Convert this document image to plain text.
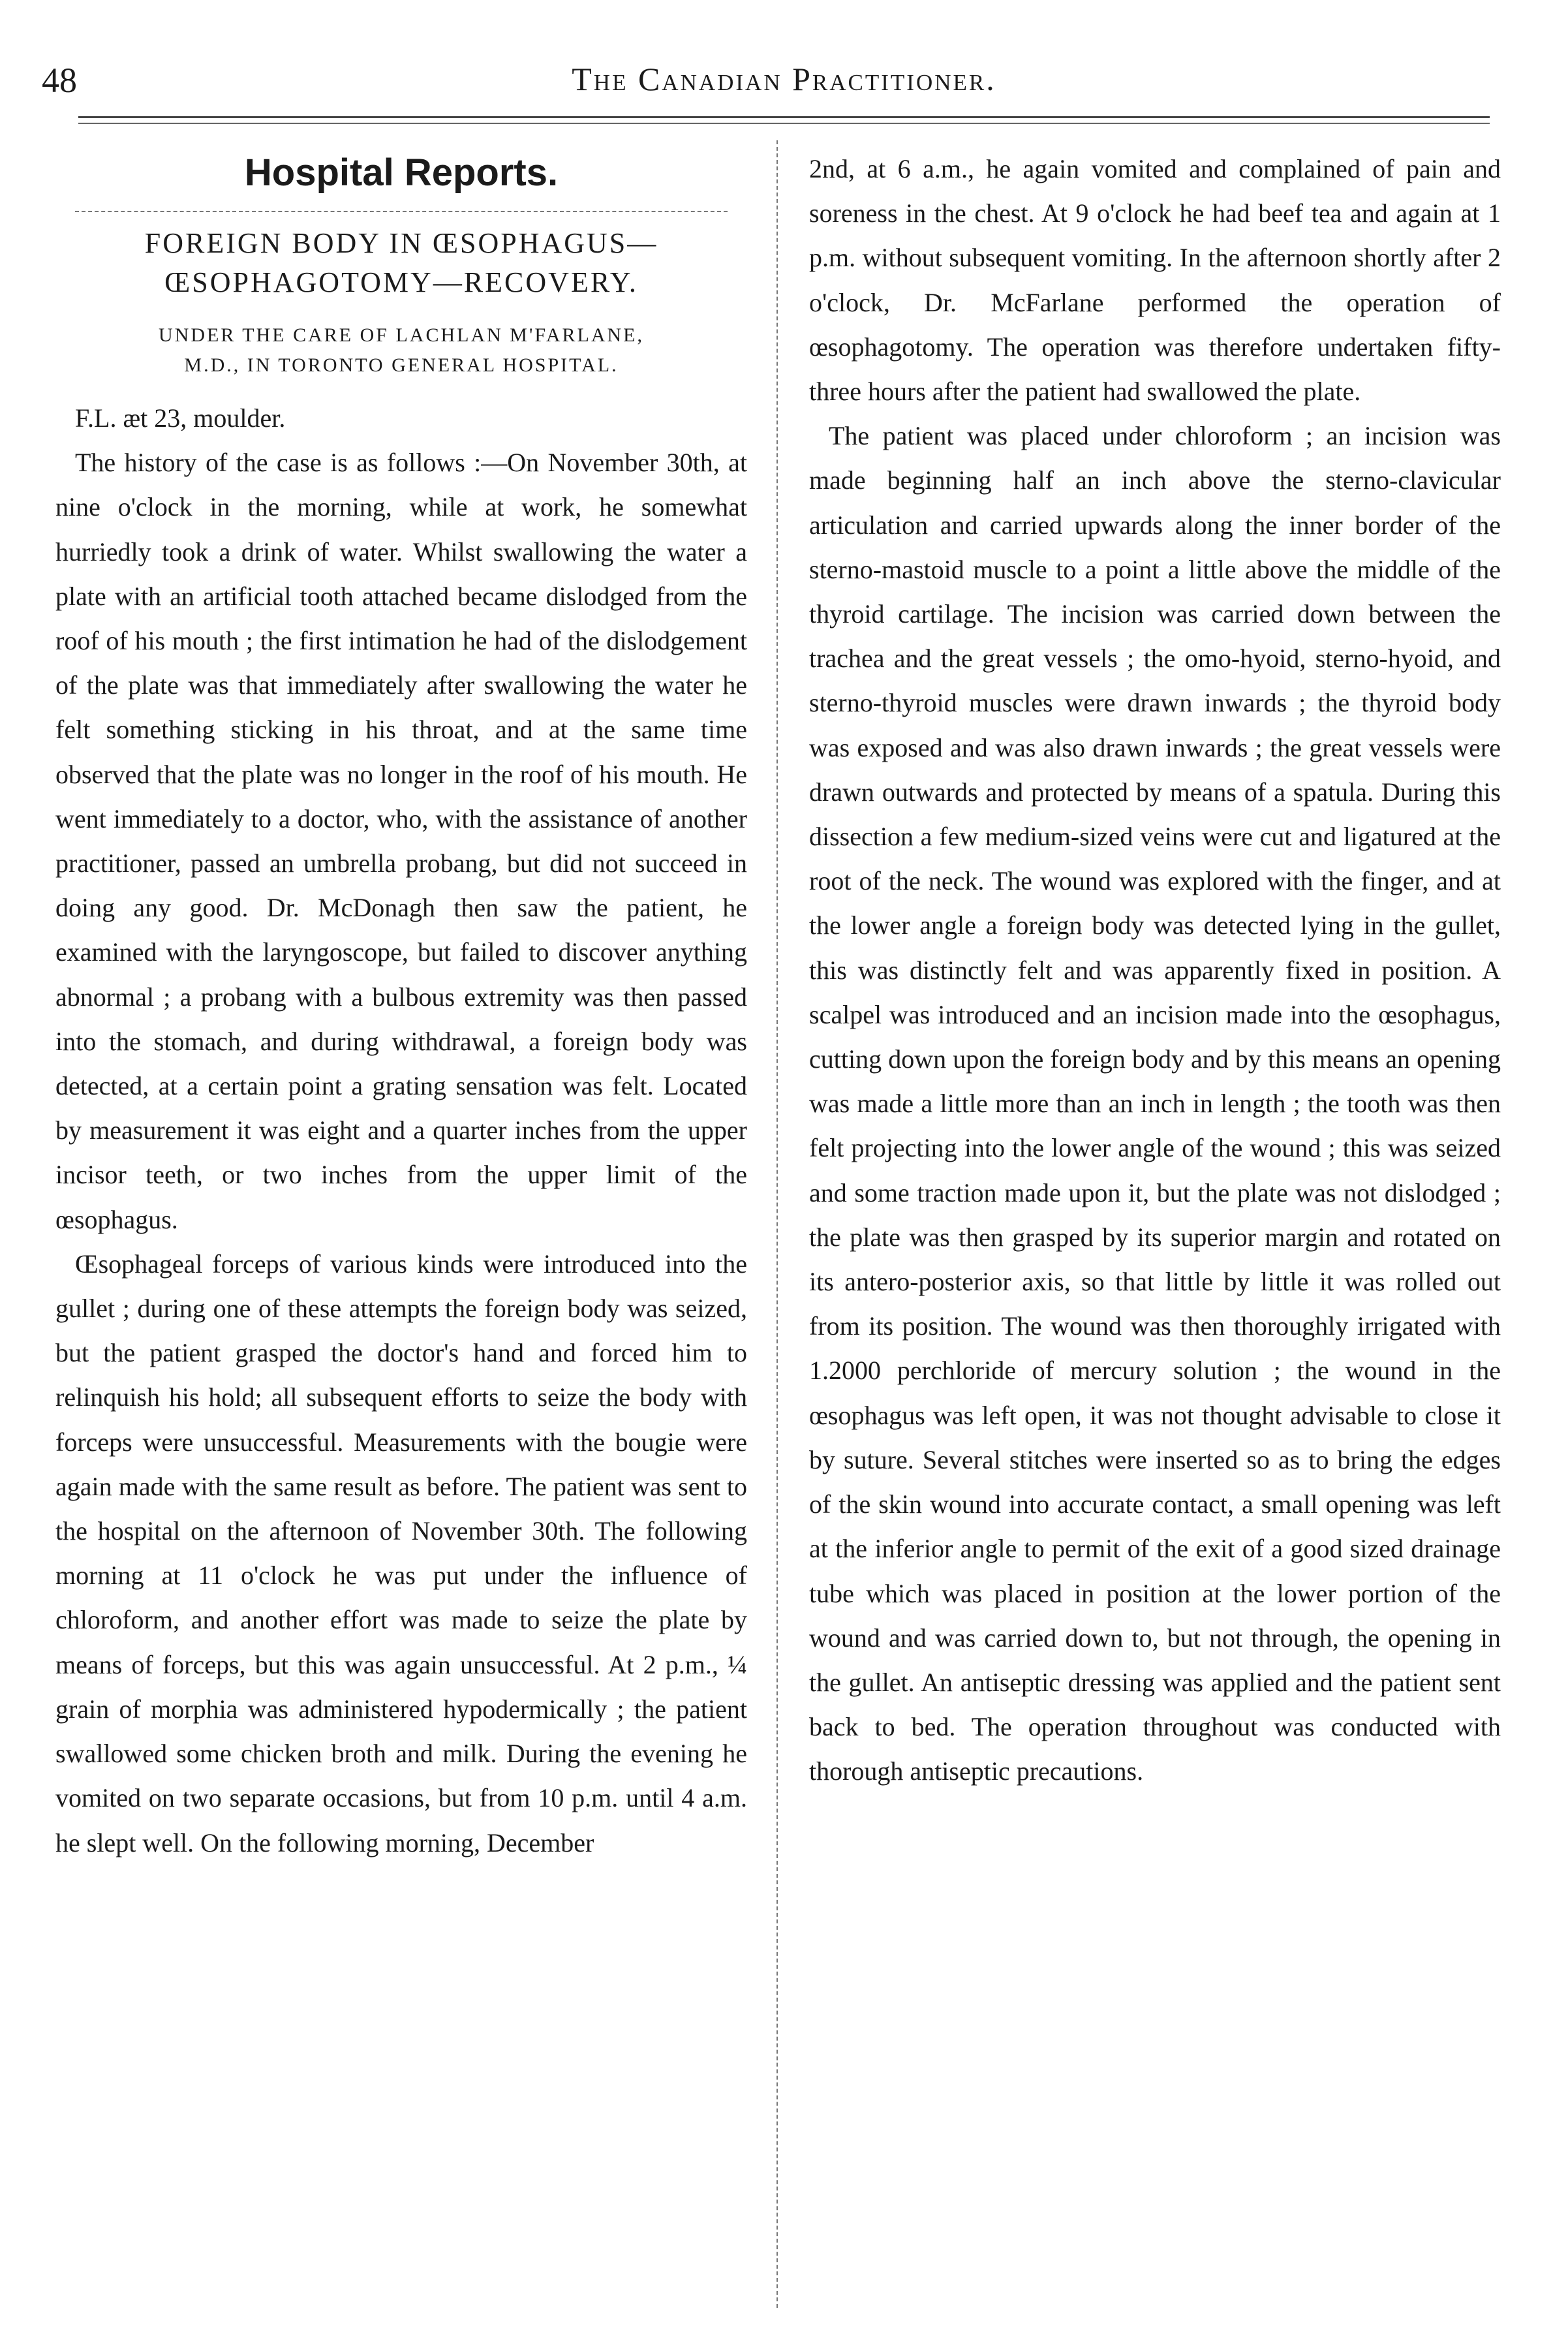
48	The Canadian Practitioner.
Hospital Reports.
FOREIGN BODY IN ŒSOPHAGUS—
ŒSOPHAGOTOMY—RECOVERY.
UNDER THE CARE OF LACHLAN M'FARLANE,
M.D., IN TORONTO GENERAL HOSPITAL.

F.L. æt 23, moulder.

The history of the case is as follows :—On November 30th, at nine o'clock in the morning, while at work, he somewhat hurriedly took a drink of water. Whilst swallowing the water a plate with an artificial tooth attached became dislodged from the roof of his mouth ; the first intimation he had of the dislodgement of the plate was that immediately after swallowing the water he felt something sticking in his throat, and at the same time observed that the plate was no longer in the roof of his mouth. He went immediately to a doctor, who, with the assistance of another practitioner, passed an umbrella probang, but did not succeed in doing any good. Dr. McDonagh then saw the patient, he examined with the laryngoscope, but failed to discover anything abnormal ; a probang with a bulbous extremity was then passed into the stomach, and during withdrawal, a foreign body was detected, at a certain point a grating sensation was felt. Located by measurement it was eight and a quarter inches from the upper incisor teeth, or two inches from the upper limit of the œsophagus.

Œsophageal forceps of various kinds were introduced into the gullet ; during one of these attempts the foreign body was seized, but the patient grasped the doctor's hand and forced him to relinquish his hold; all subsequent efforts to seize the body with forceps were unsuccessful. Measurements with the bougie were again made with the same result as before. The patient was sent to the hospital on the afternoon of November 30th. The following morning at 11 o'clock he was put under the influence of chloroform, and another effort was made to seize the plate by means of forceps, but this was again unsuccessful. At 2 p.m., ¼ grain of morphia was administered hypodermically ; the patient swallowed some chicken broth and milk. During the evening he vomited on two separate occasions, but from 10 p.m. until 4 a.m. he slept well. On the following morning, December

2nd, at 6 a.m., he again vomited and complained of pain and soreness in the chest. At 9 o'clock he had beef tea and again at 1 p.m. without subsequent vomiting. In the afternoon shortly after 2 o'clock, Dr. McFarlane performed the operation of œsophagotomy. The operation was therefore undertaken fifty-three hours after the patient had swallowed the plate.

The patient was placed under chloroform ; an incision was made beginning half an inch above the sterno-clavicular articulation and carried upwards along the inner border of the sterno-mastoid muscle to a point a little above the middle of the thyroid cartilage. The incision was carried down between the trachea and the great vessels ; the omo-hyoid, sterno-hyoid, and sterno-thyroid muscles were drawn inwards ; the thyroid body was exposed and was also drawn inwards ; the great vessels were drawn outwards and protected by means of a spatula. During this dissection a few medium-sized veins were cut and ligatured at the root of the neck. The wound was explored with the finger, and at the lower angle a foreign body was detected lying in the gullet, this was distinctly felt and was apparently fixed in position. A scalpel was introduced and an incision made into the œsophagus, cutting down upon the foreign body and by this means an opening was made a little more than an inch in length ; the tooth was then felt projecting into the lower angle of the wound ; this was seized and some traction made upon it, but the plate was not dislodged ; the plate was then grasped by its superior margin and rotated on its antero-posterior axis, so that little by little it was rolled out from its position. The wound was then thoroughly irrigated with 1.2000 perchloride of mercury solution ; the wound in the œsophagus was left open, it was not thought advisable to close it by suture. Several stitches were inserted so as to bring the edges of the skin wound into accurate contact, a small opening was left at the inferior angle to permit of the exit of a good sized drainage tube which was placed in position at the lower portion of the wound and was carried down to, but not through, the opening in the gullet. An antiseptic dressing was applied and the patient sent back to bed. The operation throughout was conducted with thorough antiseptic precautions.
